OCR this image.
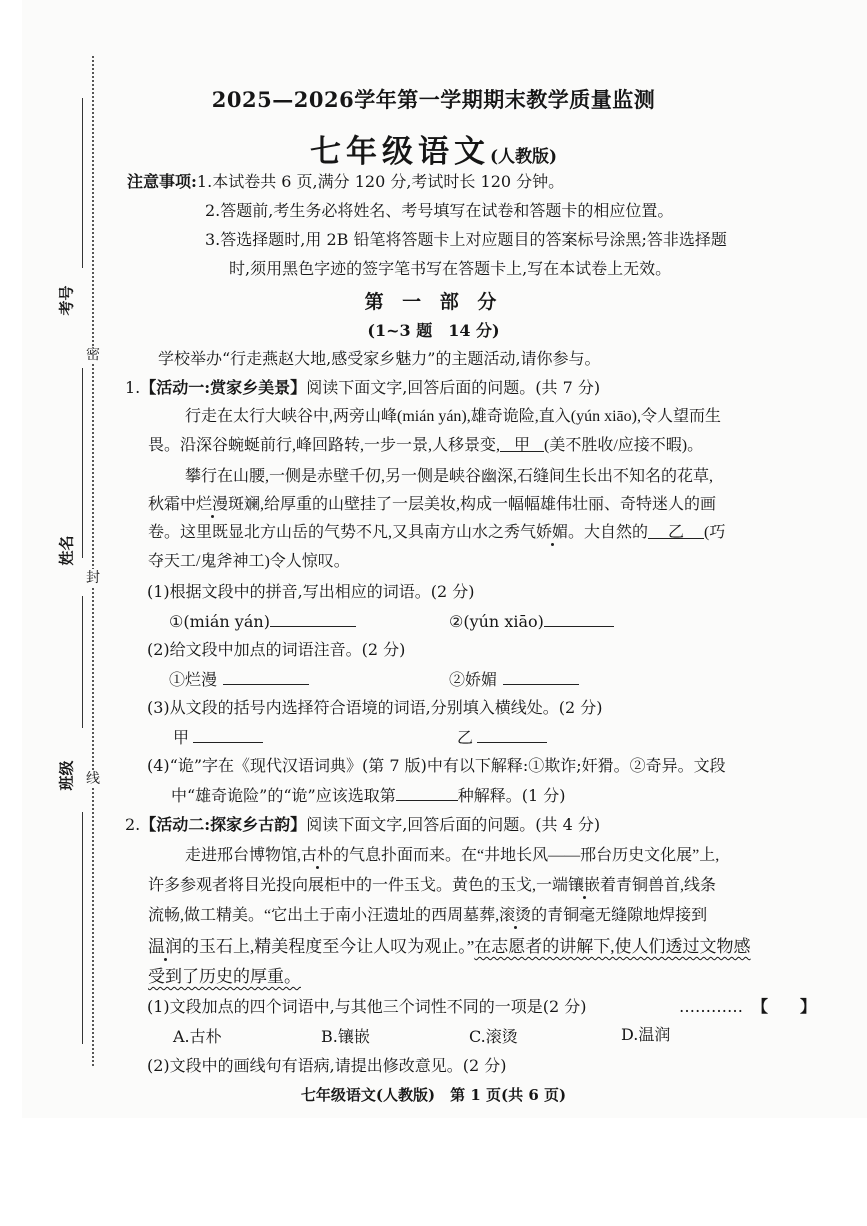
考号
姓名
班级
密
封
线
2025—2026学年第一学期期末教学质量监测
七年级语文(人教版)
注意事项:1.本试卷共 6 页,满分 120 分,考试时长 120 分钟。
2.答题前,考生务必将姓名、考号填写在试卷和答题卡的相应位置。
3.答选择题时,用 2B 铅笔将答题卡上对应题目的答案标号涂黑;答非选择题
时,须用黑色字迹的签字笔书写在答题卡上,写在本试卷上无效。
第 一 部 分
(1~3 题　14 分)
学校举办“行走燕赵大地,感受家乡魅力”的主题活动,请你参与。
1.【活动一:赏家乡美景】阅读下面文字,回答后面的问题。(共 7 分)
行走在太行大峡谷中,两旁山峰(mián yán),雄奇诡险,直入(yún xiāo),令人望而生
畏。沿深谷蜿蜒前行,峰回路转,一步一景,人移景变, 甲 (美不胜收/应接不暇)。
攀行在山腰,一侧是赤壁千仞,另一侧是峡谷幽深,石缝间生长出不知名的花草,
秋霜中烂漫斑斓,给厚重的山壁挂了一层美妆,构成一幅幅雄伟壮丽、奇特迷人的画
卷。这里既显北方山岳的气势不凡,又具南方山水之秀气娇媚。大自然的 乙 (巧
夺天工/鬼斧神工)令人惊叹。
(1)根据文段中的拼音,写出相应的词语。(2 分)
①(mián yán)	②(yún xiāo)
(2)给文段中加点的词语注音。(2 分)
①烂漫	②娇媚
(3)从文段的括号内选择符合语境的词语,分别填入横线处。(2 分)
甲	乙
(4)“诡”字在《现代汉语词典》(第 7 版)中有以下解释:①欺诈;奸猾。②奇异。文段
中“雄奇诡险”的“诡”应该选取第	种解释。(1 分)
2.【活动二:探家乡古韵】阅读下面文字,回答后面的问题。(共 4 分)
走进邢台博物馆,古朴的气息扑面而来。在“井地长风——邢台历史文化展”上,
许多参观者将目光投向展柜中的一件玉戈。黄色的玉戈,一端镶嵌着青铜兽首,线条
流畅,做工精美。“它出土于南小汪遗址的西周墓葬,滚烫的青铜毫无缝隙地焊接到
温润的玉石上,精美程度至今让人叹为观止。”在志愿者的讲解下,使人们透过文物感
受到了历史的厚重。
(1)文段加点的四个词语中,与其他三个词性不同的一项是(2 分)	………… 【　　】
A.古朴	B.镶嵌	C.滚烫	D.温润
(2)文段中的画线句有语病,请提出修改意见。(2 分)
七年级语文(人教版)　第 1 页(共 6 页)
